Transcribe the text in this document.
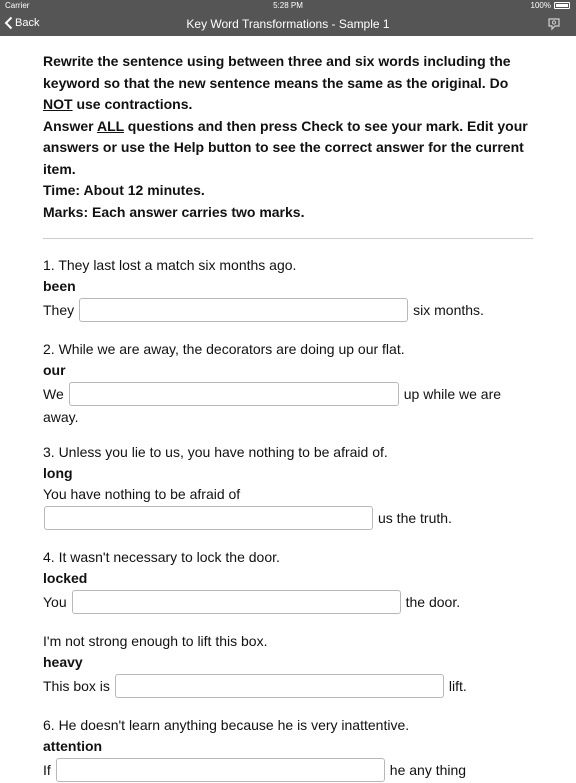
Carrier	5:28 PM	100%
Back	Key Word Transformations - Sample 1

Rewrite the sentence using between three and six words including the keyword so that the new sentence means the same as the original. Do NOT use contractions.

Answer ALL questions and then press Check to see your mark. Edit your answers or use the Help button to see the correct answer for the current item.

Time: About 12 minutes.

Marks: Each answer carries two marks.

1. They last lost a match six months ago.
been
They	six months.
2. While we are away, the decorators are doing up our flat.
our
We	up while we are
away.
3. Unless you lie to us, you have nothing to be afraid of.
long
You have nothing to be afraid of
us the truth.
4. It wasn't necessary to lock the door.
locked
You	the door.
I'm not strong enough to lift this box.
heavy
This box is	lift.
6. He doesn't learn anything because he is very inattentive.
attention
If	he any thing
